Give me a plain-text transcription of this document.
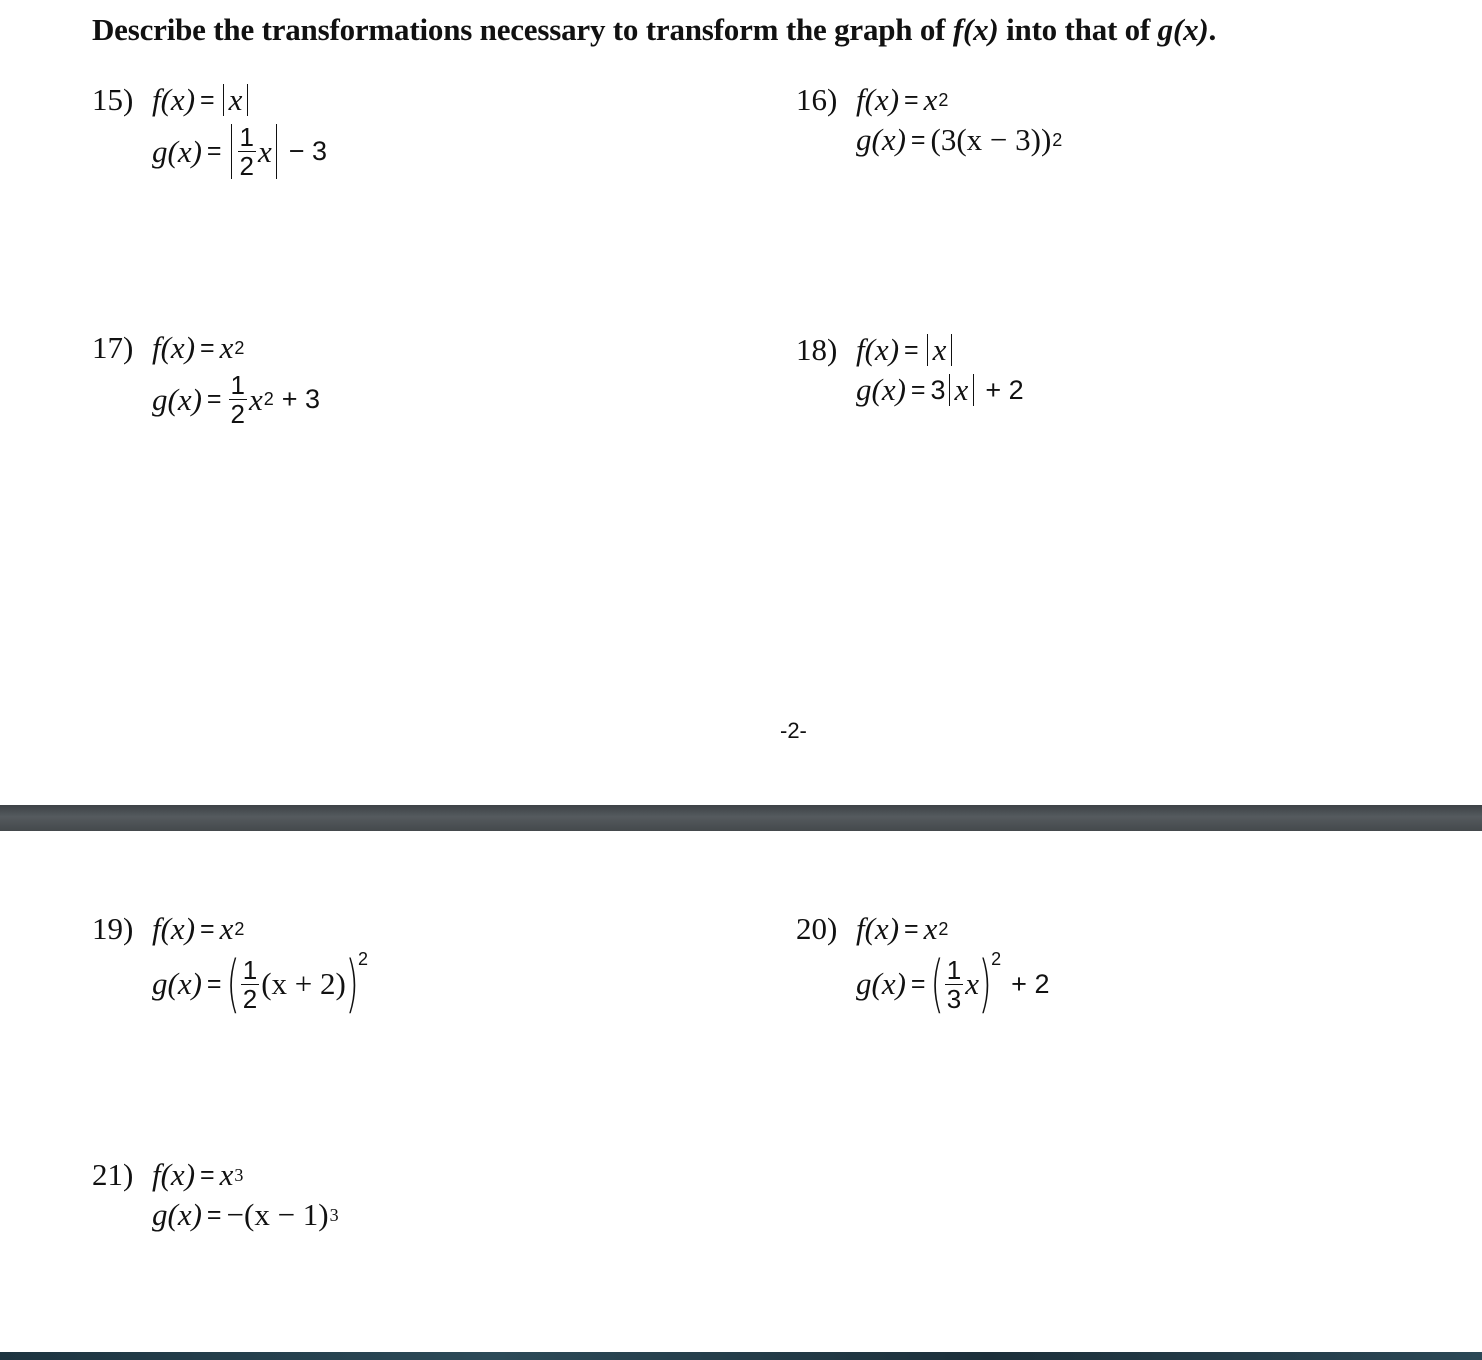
Describe the transformations necessary to transform the graph of f(x) into that of g(x).
15) f(x) = x
$g(x) = \frac{1}{2}$ x − 3
16) f(x) = x 2
g(x) = (3(x − 3)) 2
17) f(x) = x 2
$g(x) = \frac{1}{2}$ x 2 + 3
18) f(x) = x
g(x) = 3 x + 2
-2-
19) f(x) = x 2
g(x) = ( $\frac{1}{2} (x + 2)$ ) 2
20) f(x) = x 2
g(x) = ( $\frac{1}{3}$ x ) 2
+ 2
21) f(x) = x 3
g(x) = −(x − 1) 3
